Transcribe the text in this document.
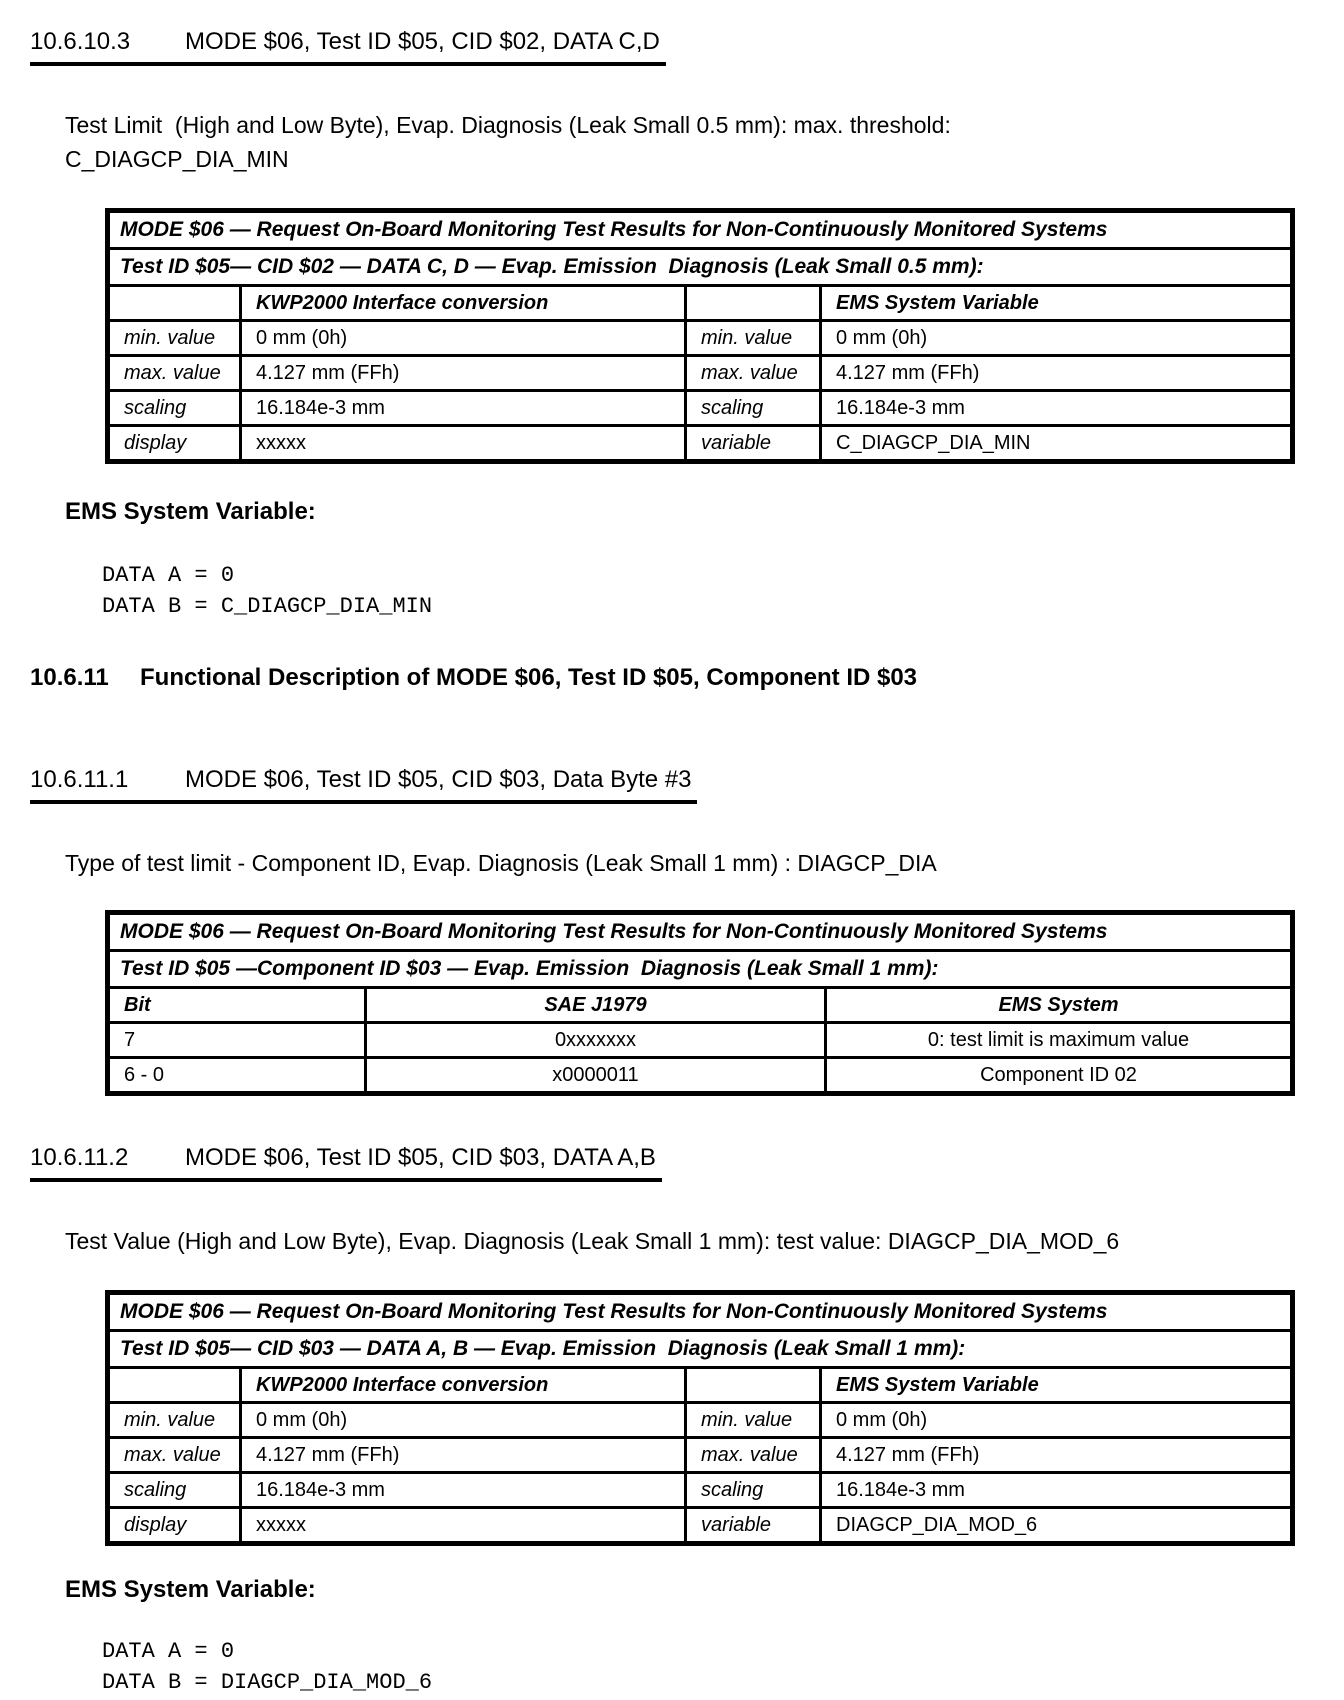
10.6.10.3 MODE $06, Test ID $05, CID $02, DATA C,D
Test Limit  (High and Low Byte), Evap. Diagnosis (Leak Small 0.5 mm): max. threshold:
C_DIAGCP_DIA_MIN
MODE $06 — Request On-Board Monitoring Test Results for Non-Continuously Monitored Systems			
Test ID $05— CID $02 — DATA C, D — Evap. Emission  Diagnosis (Leak Small 0.5 mm):			
	KWP2000 Interface conversion		EMS System Variable
min. value	0 mm (0h)	min. value	0 mm (0h)
max. value	4.127 mm (FFh)	max. value	4.127 mm (FFh)
scaling	16.184e-3 mm	scaling	16.184e-3 mm
display	xxxxx	variable	C_DIAGCP_DIA_MIN
EMS System Variable:
DATA A = 0
DATA B = C_DIAGCP_DIA_MIN
10.6.11 Functional Description of MODE $06, Test ID $05, Component ID $03
10.6.11.1 MODE $06, Test ID $05, CID $03, Data Byte #3
Type of test limit - Component ID, Evap. Diagnosis (Leak Small 1 mm) : DIAGCP_DIA
MODE $06 — Request On-Board Monitoring Test Results for Non-Continuously Monitored Systems		
Test ID $05 —Component ID $03 — Evap. Emission  Diagnosis (Leak Small 1 mm):		
Bit	SAE J1979	EMS System
7	0xxxxxxx	0: test limit is maximum value
6 - 0	x0000011	Component ID 02
10.6.11.2 MODE $06, Test ID $05, CID $03, DATA A,B
Test Value (High and Low Byte), Evap. Diagnosis (Leak Small 1 mm): test value: DIAGCP_DIA_MOD_6
MODE $06 — Request On-Board Monitoring Test Results for Non-Continuously Monitored Systems			
Test ID $05— CID $03 — DATA A, B — Evap. Emission  Diagnosis (Leak Small 1 mm):			
	KWP2000 Interface conversion		EMS System Variable
min. value	0 mm (0h)	min. value	0 mm (0h)
max. value	4.127 mm (FFh)	max. value	4.127 mm (FFh)
scaling	16.184e-3 mm	scaling	16.184e-3 mm
display	xxxxx	variable	DIAGCP_DIA_MOD_6
EMS System Variable:
DATA A = 0
DATA B = DIAGCP_DIA_MOD_6
